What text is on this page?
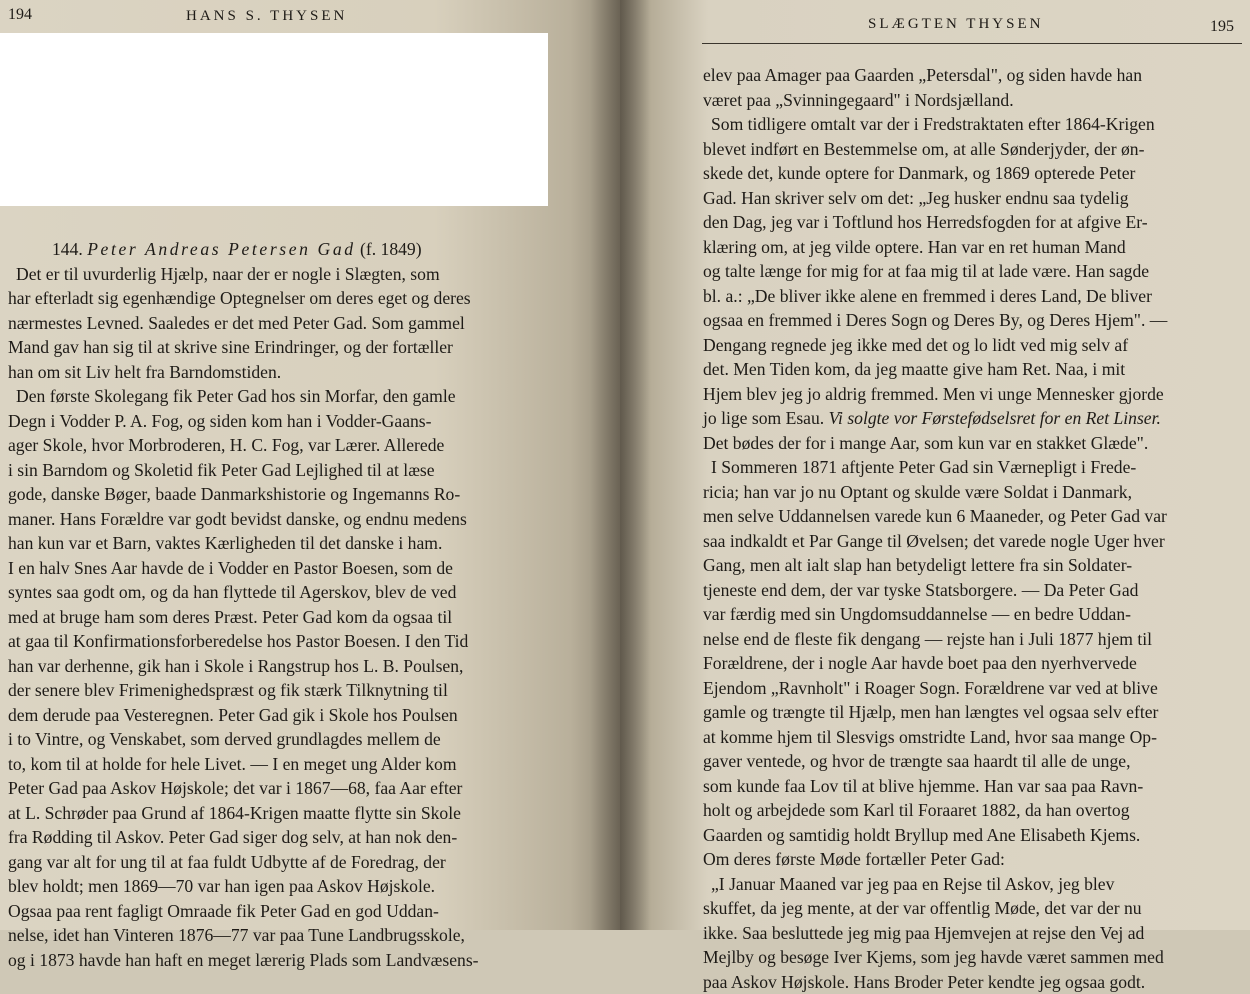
194	HANS S. THYSEN
144. Peter Andreas Petersen Gad (f. 1849)
Det er til uvurderlig Hjælp, naar der er nogle i Slægten, som
har efterladt sig egenhændige Optegnelser om deres eget og deres
nærmestes Levned. Saaledes er det med Peter Gad. Som gammel
Mand gav han sig til at skrive sine Erindringer, og der fortæller
han om sit Liv helt fra Barndomstiden.
Den første Skolegang fik Peter Gad hos sin Morfar, den gamle
Degn i Vodder P. A. Fog, og siden kom han i Vodder-Gaans-
ager Skole, hvor Morbroderen, H. C. Fog, var Lærer. Allerede
i sin Barndom og Skoletid fik Peter Gad Lejlighed til at læse
gode, danske Bøger, baade Danmarkshistorie og Ingemanns Ro-
maner. Hans Forældre var godt bevidst danske, og endnu medens
han kun var et Barn, vaktes Kærligheden til det danske i ham.
I en halv Snes Aar havde de i Vodder en Pastor Boesen, som de
syntes saa godt om, og da han flyttede til Agerskov, blev de ved
med at bruge ham som deres Præst. Peter Gad kom da ogsaa til
at gaa til Konfirmationsforberedelse hos Pastor Boesen. I den Tid
han var derhenne, gik han i Skole i Rangstrup hos L. B. Poulsen,
der senere blev Frimenighedspræst og fik stærk Tilknytning til
dem derude paa Vesteregnen. Peter Gad gik i Skole hos Poulsen
i to Vintre, og Venskabet, som derved grundlagdes mellem de
to, kom til at holde for hele Livet. — I en meget ung Alder kom
Peter Gad paa Askov Højskole; det var i 1867—68, faa Aar efter
at L. Schrøder paa Grund af 1864-Krigen maatte flytte sin Skole
fra Rødding til Askov. Peter Gad siger dog selv, at han nok den-
gang var alt for ung til at faa fuldt Udbytte af de Foredrag, der
blev holdt; men 1869—70 var han igen paa Askov Højskole.
Ogsaa paa rent fagligt Omraade fik Peter Gad en god Uddan-
nelse, idet han Vinteren 1876—77 var paa Tune Landbrugsskole,
og i 1873 havde han haft en meget lærerig Plads som Landvæsens-
SLÆGTEN THYSEN	195
elev paa Amager paa Gaarden „Petersdal", og siden havde han
været paa „Svinningegaard" i Nordsjælland.
Som tidligere omtalt var der i Fredstraktaten efter 1864-Krigen
blevet indført en Bestemmelse om, at alle Sønderjyder, der øn-
skede det, kunde optere for Danmark, og 1869 opterede Peter
Gad. Han skriver selv om det: „Jeg husker endnu saa tydelig
den Dag, jeg var i Toftlund hos Herredsfogden for at afgive Er-
klæring om, at jeg vilde optere. Han var en ret human Mand
og talte længe for mig for at faa mig til at lade være. Han sagde
bl. a.: „De bliver ikke alene en fremmed i deres Land, De bliver
ogsaa en fremmed i Deres Sogn og Deres By, og Deres Hjem". —
Dengang regnede jeg ikke med det og lo lidt ved mig selv af
det. Men Tiden kom, da jeg maatte give ham Ret. Naa, i mit
Hjem blev jeg jo aldrig fremmed. Men vi unge Mennesker gjorde
jo lige som Esau. Vi solgte vor Førstefødselsret for en Ret Linser.
Det bødes der for i mange Aar, som kun var en stakket Glæde".
I Sommeren 1871 aftjente Peter Gad sin Værnepligt i Frede-
ricia; han var jo nu Optant og skulde være Soldat i Danmark,
men selve Uddannelsen varede kun 6 Maaneder, og Peter Gad var
saa indkaldt et Par Gange til Øvelsen; det varede nogle Uger hver
Gang, men alt ialt slap han betydeligt lettere fra sin Soldater-
tjeneste end dem, der var tyske Statsborgere. — Da Peter Gad
var færdig med sin Ungdomsuddannelse — en bedre Uddan-
nelse end de fleste fik dengang — rejste han i Juli 1877 hjem til
Forældrene, der i nogle Aar havde boet paa den nyerhvervede
Ejendom „Ravnholt" i Roager Sogn. Forældrene var ved at blive
gamle og trængte til Hjælp, men han længtes vel ogsaa selv efter
at komme hjem til Slesvigs omstridte Land, hvor saa mange Op-
gaver ventede, og hvor de trængte saa haardt til alle de unge,
som kunde faa Lov til at blive hjemme. Han var saa paa Ravn-
holt og arbejdede som Karl til Foraaret 1882, da han overtog
Gaarden og samtidig holdt Bryllup med Ane Elisabeth Kjems.
Om deres første Møde fortæller Peter Gad:
„I Januar Maaned var jeg paa en Rejse til Askov, jeg blev
skuffet, da jeg mente, at der var offentlig Møde, det var der nu
ikke. Saa besluttede jeg mig paa Hjemvejen at rejse den Vej ad
Mejlby og besøge Iver Kjems, som jeg havde været sammen med
paa Askov Højskole. Hans Broder Peter kendte jeg ogsaa godt.
